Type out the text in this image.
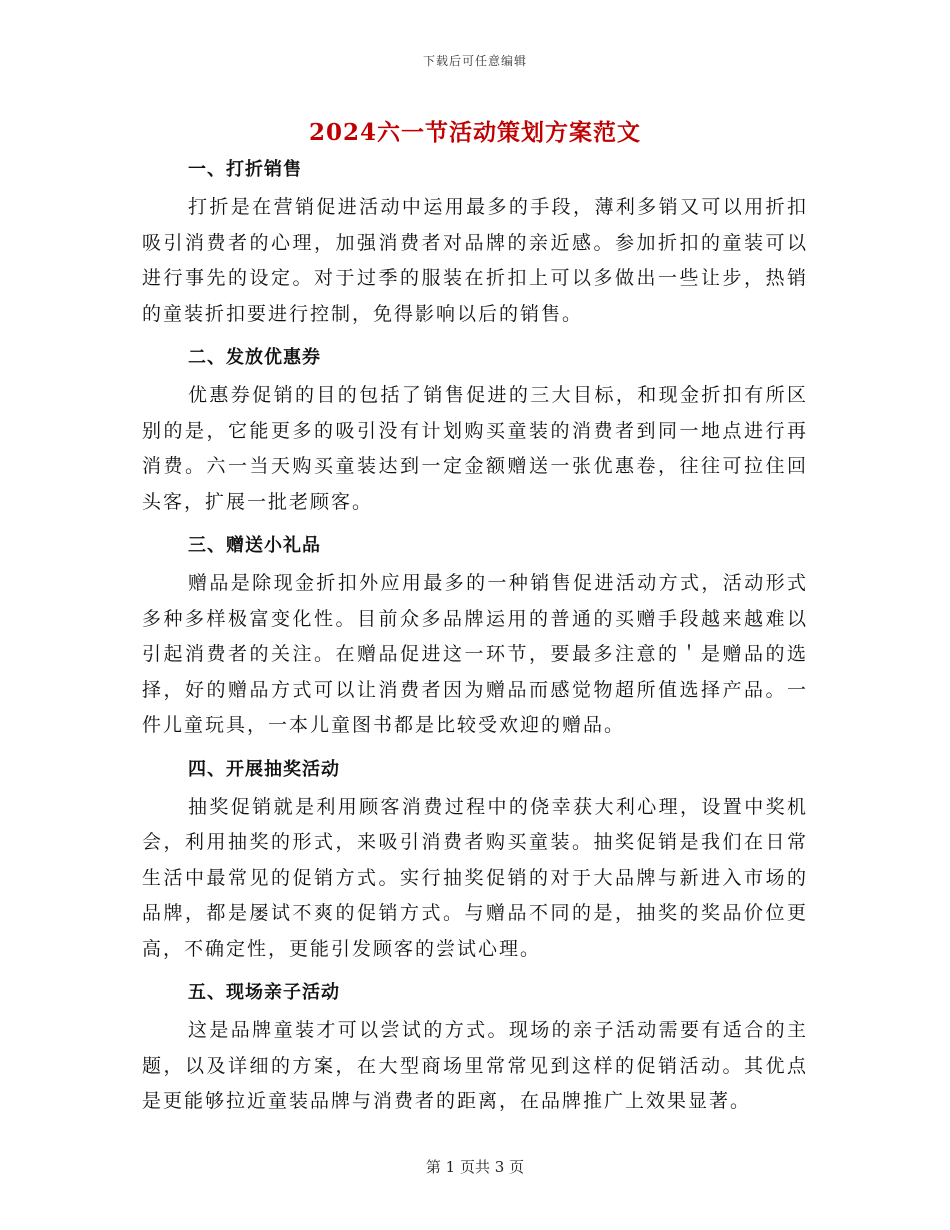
下载后可任意编辑
2024六一节活动策划方案范文
一、打折销售

打折是在营销促进活动中运用最多的手段，薄利多销又可以用折扣吸引消费者的心理，加强消费者对品牌的亲近感。参加折扣的童装可以进行事先的设定。对于过季的服装在折扣上可以多做出一些让步，热销的童装折扣要进行控制，免得影响以后的销售。

二、发放优惠券

优惠券促销的目的包括了销售促进的三大目标，和现金折扣有所区别的是，它能更多的吸引没有计划购买童装的消费者到同一地点进行再消费。六一当天购买童装达到一定金额赠送一张优惠卷，往往可拉住回头客，扩展一批老顾客。

三、赠送小礼品

赠品是除现金折扣外应用最多的一种销售促进活动方式，活动形式多种多样极富变化性。目前众多品牌运用的普通的买赠手段越来越难以引起消费者的关注。在赠品促进这一环节，要最多注意的＇是赠品的选择，好的赠品方式可以让消费者因为赠品而感觉物超所值选择产品。一件儿童玩具，一本儿童图书都是比较受欢迎的赠品。

四、开展抽奖活动

抽奖促销就是利用顾客消费过程中的侥幸获大利心理，设置中奖机会，利用抽奖的形式，来吸引消费者购买童装。抽奖促销是我们在日常生活中最常见的促销方式。实行抽奖促销的对于大品牌与新进入市场的品牌，都是屡试不爽的促销方式。与赠品不同的是，抽奖的奖品价位更高，不确定性，更能引发顾客的尝试心理。

五、现场亲子活动

这是品牌童装才可以尝试的方式。现场的亲子活动需要有适合的主题，以及详细的方案，在大型商场里常常见到这样的促销活动。其优点是更能够拉近童装品牌与消费者的距离，在品牌推广上效果显著。

第 1 页共 3 页
